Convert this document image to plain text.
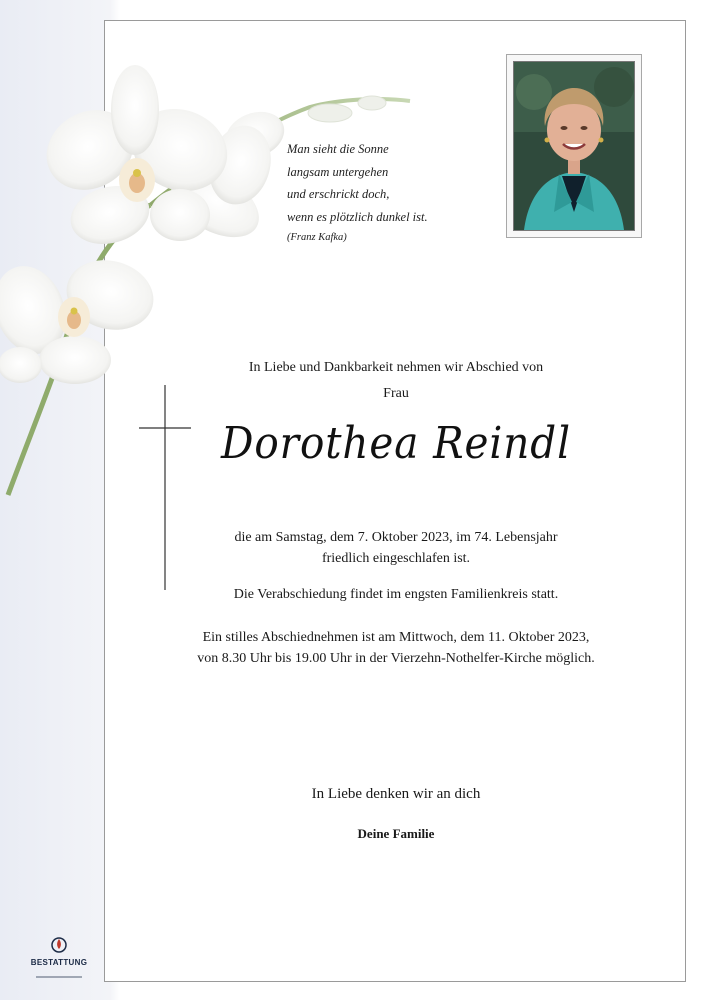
Man sieht die Sonne
langsam untergehen
und erschrickt doch,
wenn es plötzlich dunkel ist.
(Franz Kafka)
In Liebe und Dankbarkeit nehmen wir Abschied von
Frau
Dorothea Reindl
die am Samstag, dem 7. Oktober 2023, im 74. Lebensjahr
friedlich eingeschlafen ist.
Die Verabschiedung findet im engsten Familienkreis statt.
Ein stilles Abschiednehmen ist am Mittwoch, dem 11. Oktober 2023,
von 8.30 Uhr bis 19.00 Uhr in der Vierzehn-Nothelfer-Kirche möglich.
In Liebe denken wir an dich
Deine Familie
BESTATTUNG
